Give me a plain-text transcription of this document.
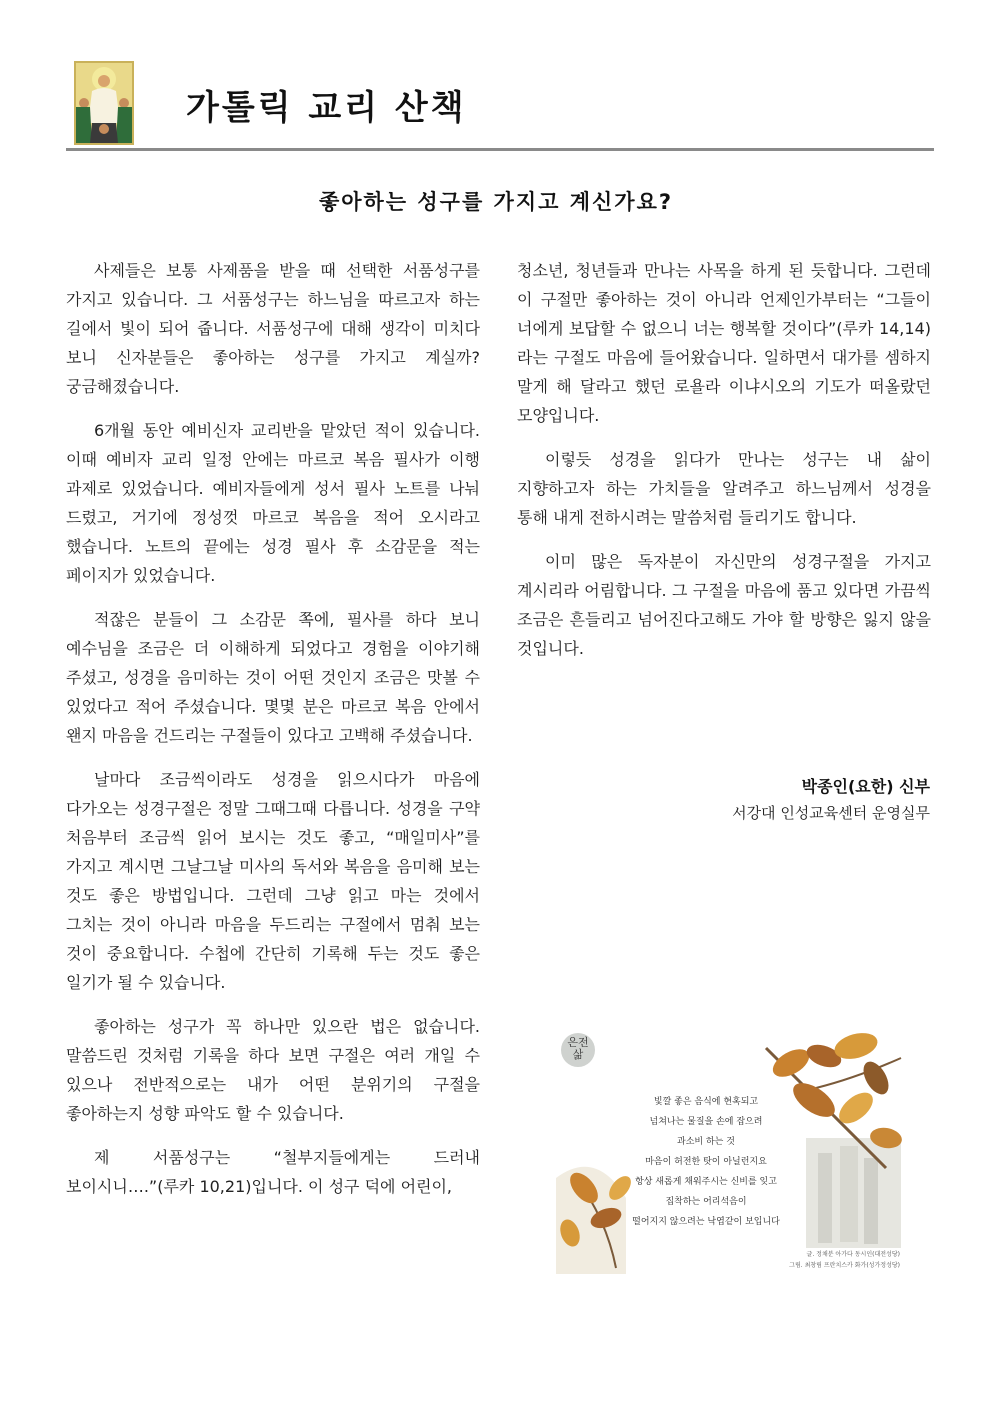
가톨릭 교리 산책
좋아하는 성구를 가지고 계신가요?

사제들은 보통 사제품을 받을 때 선택한 서품성구를 가지고 있습니다. 그 서품성구는 하느님을 따르고자 하는 길에서 빛이 되어 줍니다. 서품성구에 대해 생각이 미치다 보니 신자분들은 좋아하는 성구를 가지고 계실까? 궁금해졌습니다.

6개월 동안 예비신자 교리반을 맡았던 적이 있습니다. 이때 예비자 교리 일정 안에는 마르코 복음 필사가 이행 과제로 있었습니다. 예비자들에게 성서 필사 노트를 나눠 드렸고, 거기에 정성껏 마르코 복음을 적어 오시라고 했습니다. 노트의 끝에는 성경 필사 후 소감문을 적는 페이지가 있었습니다.

적잖은 분들이 그 소감문 쪽에, 필사를 하다 보니 예수님을 조금은 더 이해하게 되었다고 경험을 이야기해 주셨고, 성경을 음미하는 것이 어떤 것인지 조금은 맛볼 수 있었다고 적어 주셨습니다. 몇몇 분은 마르코 복음 안에서 왠지 마음을 건드리는 구절들이 있다고 고백해 주셨습니다.

날마다 조금씩이라도 성경을 읽으시다가 마음에 다가오는 성경구절은 정말 그때그때 다릅니다. 성경을 구약 처음부터 조금씩 읽어 보시는 것도 좋고, “매일미사”를 가지고 계시면 그날그날 미사의 독서와 복음을 음미해 보는 것도 좋은 방법입니다. 그런데 그냥 읽고 마는 것에서 그치는 것이 아니라 마음을 두드리는 구절에서 멈춰 보는 것이 중요합니다. 수첩에 간단히 기록해 두는 것도 좋은 일기가 될 수 있습니다.

좋아하는 성구가 꼭 하나만 있으란 법은 없습니다. 말씀드린 것처럼 기록을 하다 보면 구절은 여러 개일 수 있으나 전반적으로는 내가 어떤 분위기의 구절을 좋아하는지 성향 파악도 할 수 있습니다.

제 서품성구는 “철부지들에게는 드러내 보이시니….”(루카 10,21)입니다. 이 성구 덕에 어린이,

청소년, 청년들과 만나는 사목을 하게 된 듯합니다. 그런데 이 구절만 좋아하는 것이 아니라 언제인가부터는 “그들이 너에게 보답할 수 없으니 너는 행복할 것이다”(루카 14,14)라는 구절도 마음에 들어왔습니다. 일하면서 대가를 셈하지 말게 해 달라고 했던 로욜라 이냐시오의 기도가 떠올랐던 모양입니다.

이렇듯 성경을 읽다가 만나는 성구는 내 삶이 지향하고자 하는 가치들을 알려주고 하느님께서 성경을 통해 내게 전하시려는 말씀처럼 들리기도 합니다.

이미 많은 독자분이 자신만의 성경구절을 가지고 계시리라 어림합니다. 그 구절을 마음에 품고 있다면 가끔씩 조금은 흔들리고 넘어진다고해도 가야 할 방향은 잃지 않을 것입니다.

박종인(요한) 신부
서강대 인성교육센터 운영실무
은전 삶
빛깔 좋은 음식에 현혹되고
넘쳐나는 물질을 손에 잡으려
과소비 하는 것
마음이 허전한 탓이 아닐런지요
항상 새롭게 채워주시는 신비를 잊고
집착하는 어리석음이
떨어지지 않으려는 낙엽같이 보입니다
글. 정채분 아가다 동시인(대전성당)
그림. 최창림 프란치스카 화가(성가정성당)
